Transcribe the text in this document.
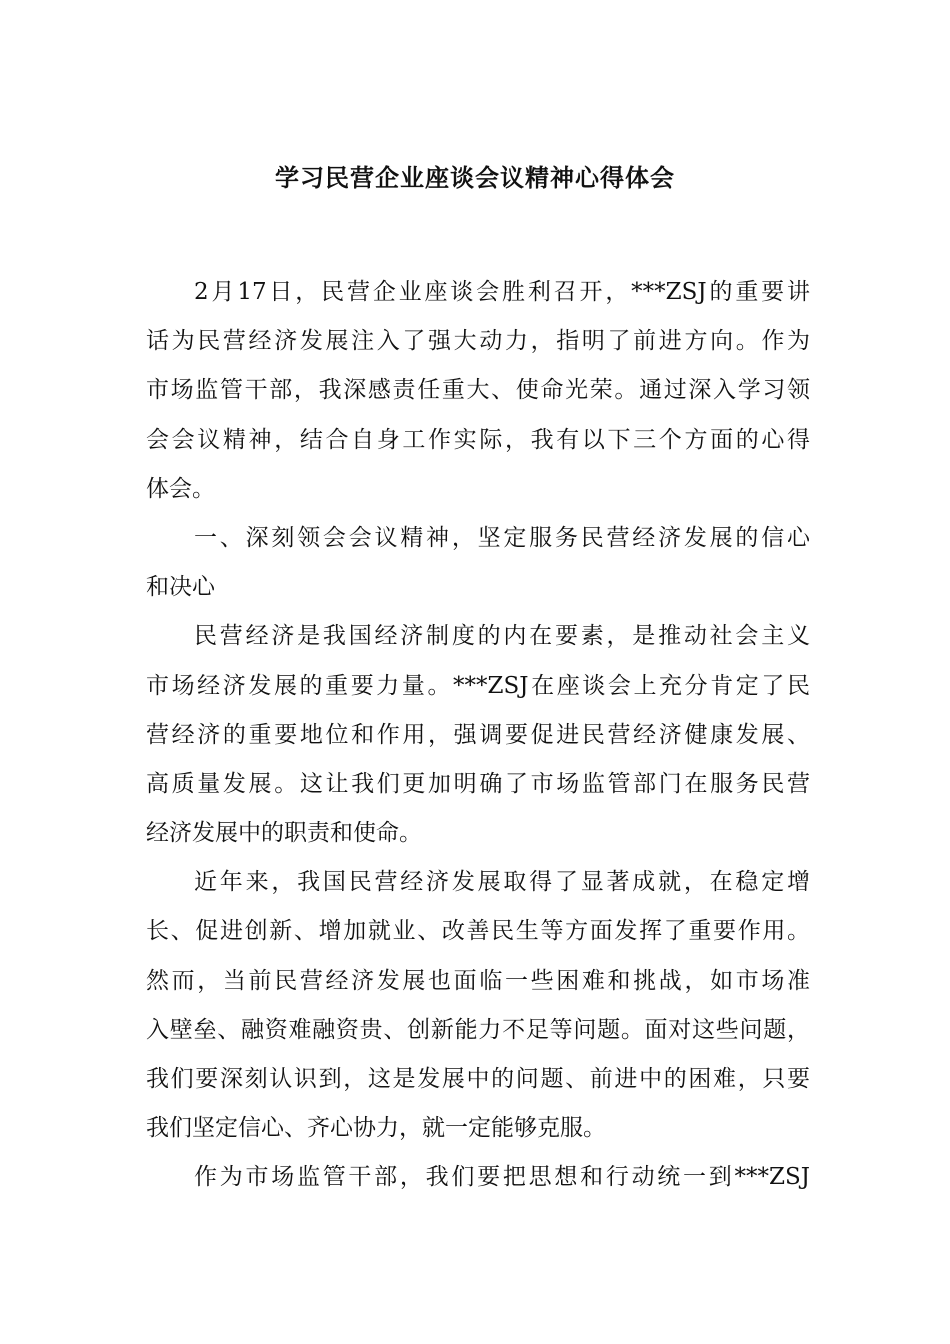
学习民营企业座谈会议精神心得体会
2月17日，民营企业座谈会胜利召开，***ZSJ的重要讲
话为民营经济发展注入了强大动力，指明了前进方向。作为
市场监管干部，我深感责任重大、使命光荣。通过深入学习领
会会议精神，结合自身工作实际，我有以下三个方面的心得
体会。
一、深刻领会会议精神，坚定服务民营经济发展的信心
和决心
民营经济是我国经济制度的内在要素，是推动社会主义
市场经济发展的重要力量。***ZSJ在座谈会上充分肯定了民
营经济的重要地位和作用，强调要促进民营经济健康发展、
高质量发展。这让我们更加明确了市场监管部门在服务民营
经济发展中的职责和使命。
近年来，我国民营经济发展取得了显著成就，在稳定增
长、促进创新、增加就业、改善民生等方面发挥了重要作用。
然而，当前民营经济发展也面临一些困难和挑战，如市场准
入壁垒、融资难融资贵、创新能力不足等问题。面对这些问题，
我们要深刻认识到，这是发展中的问题、前进中的困难，只要
我们坚定信心、齐心协力，就一定能够克服。
作为市场监管干部，我们要把思想和行动统一到***ZSJ
